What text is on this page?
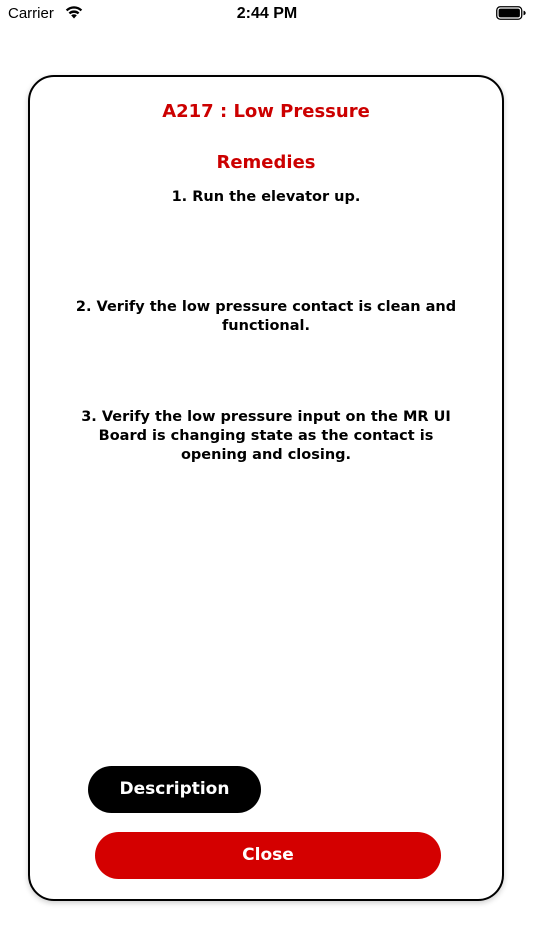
Carrier	2:44 PM
A217 : Low Pressure
Remedies
1. Run the elevator up.
2. Verify the low pressure contact is clean and functional.
3. Verify the low pressure input on the MR UI Board is changing state as the contact is opening and closing.
Description
Close
